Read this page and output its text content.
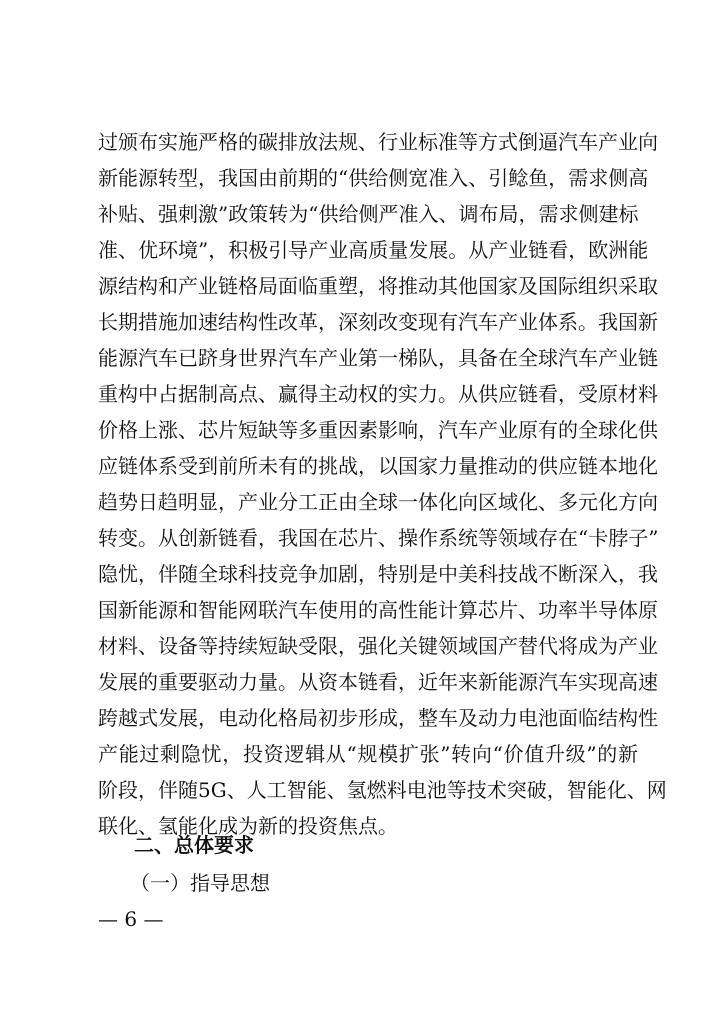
过颁布实施严格的碳排放法规、行业标准等方式倒逼汽车产业向
新能源转型，我国由前期的“供给侧宽准入、引鲶鱼，需求侧高
补贴、强刺激”政策转为“供给侧严准入、调布局，需求侧建标
准、优环境”，积极引导产业高质量发展。从产业链看，欧洲能
源结构和产业链格局面临重塑，将推动其他国家及国际组织采取
长期措施加速结构性改革，深刻改变现有汽车产业体系。我国新
能源汽车已跻身世界汽车产业第一梯队，具备在全球汽车产业链
重构中占据制高点、赢得主动权的实力。从供应链看，受原材料
价格上涨、芯片短缺等多重因素影响，汽车产业原有的全球化供
应链体系受到前所未有的挑战，以国家力量推动的供应链本地化
趋势日趋明显，产业分工正由全球一体化向区域化、多元化方向
转变。从创新链看，我国在芯片、操作系统等领域存在“卡脖子”
隐忧，伴随全球科技竞争加剧，特别是中美科技战不断深入，我
国新能源和智能网联汽车使用的高性能计算芯片、功率半导体原
材料、设备等持续短缺受限，强化关键领域国产替代将成为产业
发展的重要驱动力量。从资本链看，近年来新能源汽车实现高速
跨越式发展，电动化格局初步形成，整车及动力电池面临结构性
产能过剩隐忧，投资逻辑从“规模扩张”转向“价值升级”的新
阶段，伴随5G、人工智能、氢燃料电池等技术突破，智能化、网
联化、氢能化成为新的投资焦点。
二、总体要求
（一）指导思想
— 6 —
